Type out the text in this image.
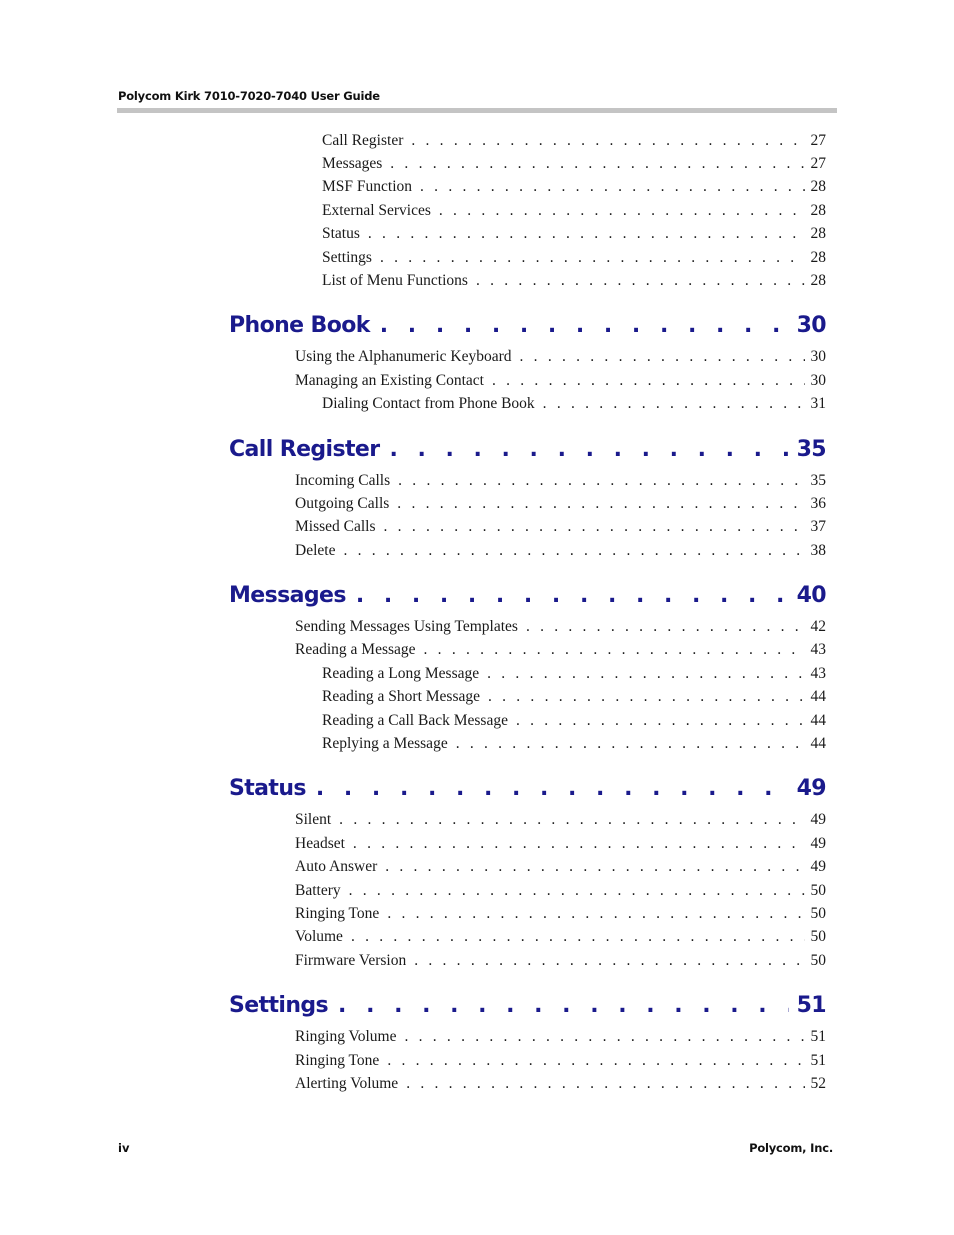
Polycom Kirk 7010-7020-7040 User Guide
Call Register . . .	27
Messages . . .	27
MSF Function . . .	28
External Services . . .	28
Status . . .	28
Settings . . .	28
List of Menu Functions . . .	28
Phone Book . . .	30
Using the Alphanumeric Keyboard . . .	30
Managing an Existing Contact . . .	30
Dialing Contact from Phone Book . . .	31
Call Register . . .	35
Incoming Calls . . .	35
Outgoing Calls . . .	36
Missed Calls . . .	37
Delete . . .	38
Messages . . .	40
Sending Messages Using Templates . . .	42
Reading a Message . . .	43
Reading a Long Message . . .	43
Reading a Short Message . . .	44
Reading a Call Back Message . . .	44
Replying a Message . . .	44
Status . . .	49
Silent . . .	49
Headset . . .	49
Auto Answer . . .	49
Battery . . .	50
Ringing Tone . . .	50
Volume . . .	50
Firmware Version . . .	50
Settings . . .	51
Ringing Volume . . .	51
Ringing Tone . . .	51
Alerting Volume . . .	52
iv	Polycom, Inc.
